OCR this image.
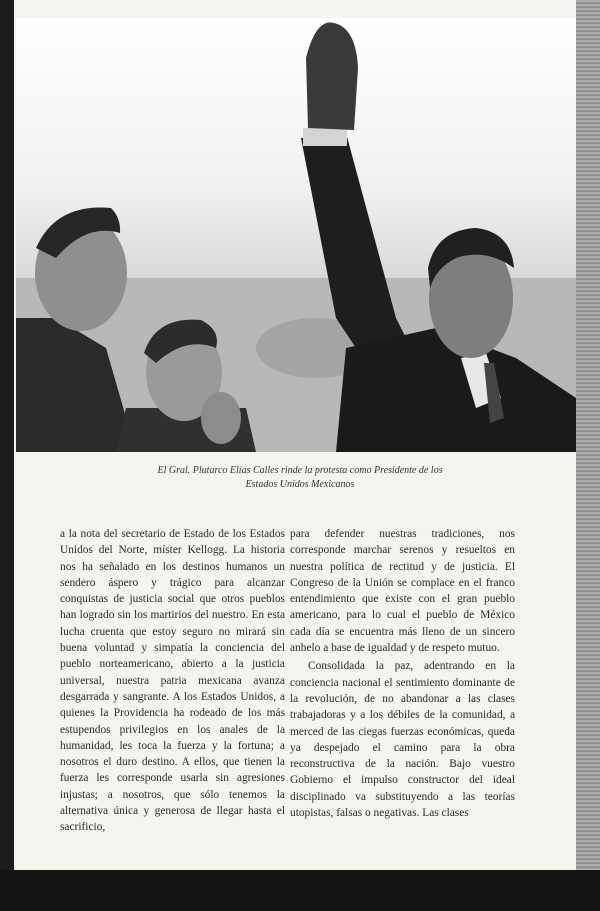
El Gral. Plutarco Elías Calles rinde la protesta como Presidente de los
Estados Unidos Mexicanos

a la nota del secretario de Estado de los Estados Unidos del Norte, míster Kellogg. La historia nos ha señalado en los destinos humanos un sendero áspero y trágico para alcanzar conquistas de justicia social que otros pueblos han logrado sin los martirios del nuestro. En esta lucha cruenta que estoy seguro no mirará sin buena voluntad y simpatía la conciencia del pueblo norteamericano, abierto a la justicia universal, nuestra patria mexicana avanza desgarrada y sangrante. A los Estados Unidos, a quienes la Providencia ha rodeado de los más estupendos privilegios en los anales de la humanidad, les toca la fuerza y la fortuna; a nosotros el duro destino. A ellos, que tienen la fuerza les corresponde usarla sin agresiones injustas; a nosotros, que sólo tenemos la alternativa única y generosa de llegar hasta el sacrificio,

para defender nuestras tradiciones, nos corresponde marchar serenos y resueltos en nuestra política de rectitud y de justicia. El Congreso de la Unión se complace en el franco entendimiento que existe con el gran pueblo americano, para lo cual el pueblo de México cada día se encuentra más lleno de un sincero anhelo a base de igualdad y de respeto mutuo.

Consolidada la paz, adentrando en la conciencia nacional el sentimiento dominante de la revolución, de no abandonar a las clases trabajadoras y a los débiles de la comunidad, a merced de las ciegas fuerzas económicas, queda ya despejado el camino para la obra reconstructiva de la nación. Bajo vuestro Gobierno el impulso constructor del ideal disciplinado va substituyendo a las teorías utopistas, falsas o negativas. Las clases
